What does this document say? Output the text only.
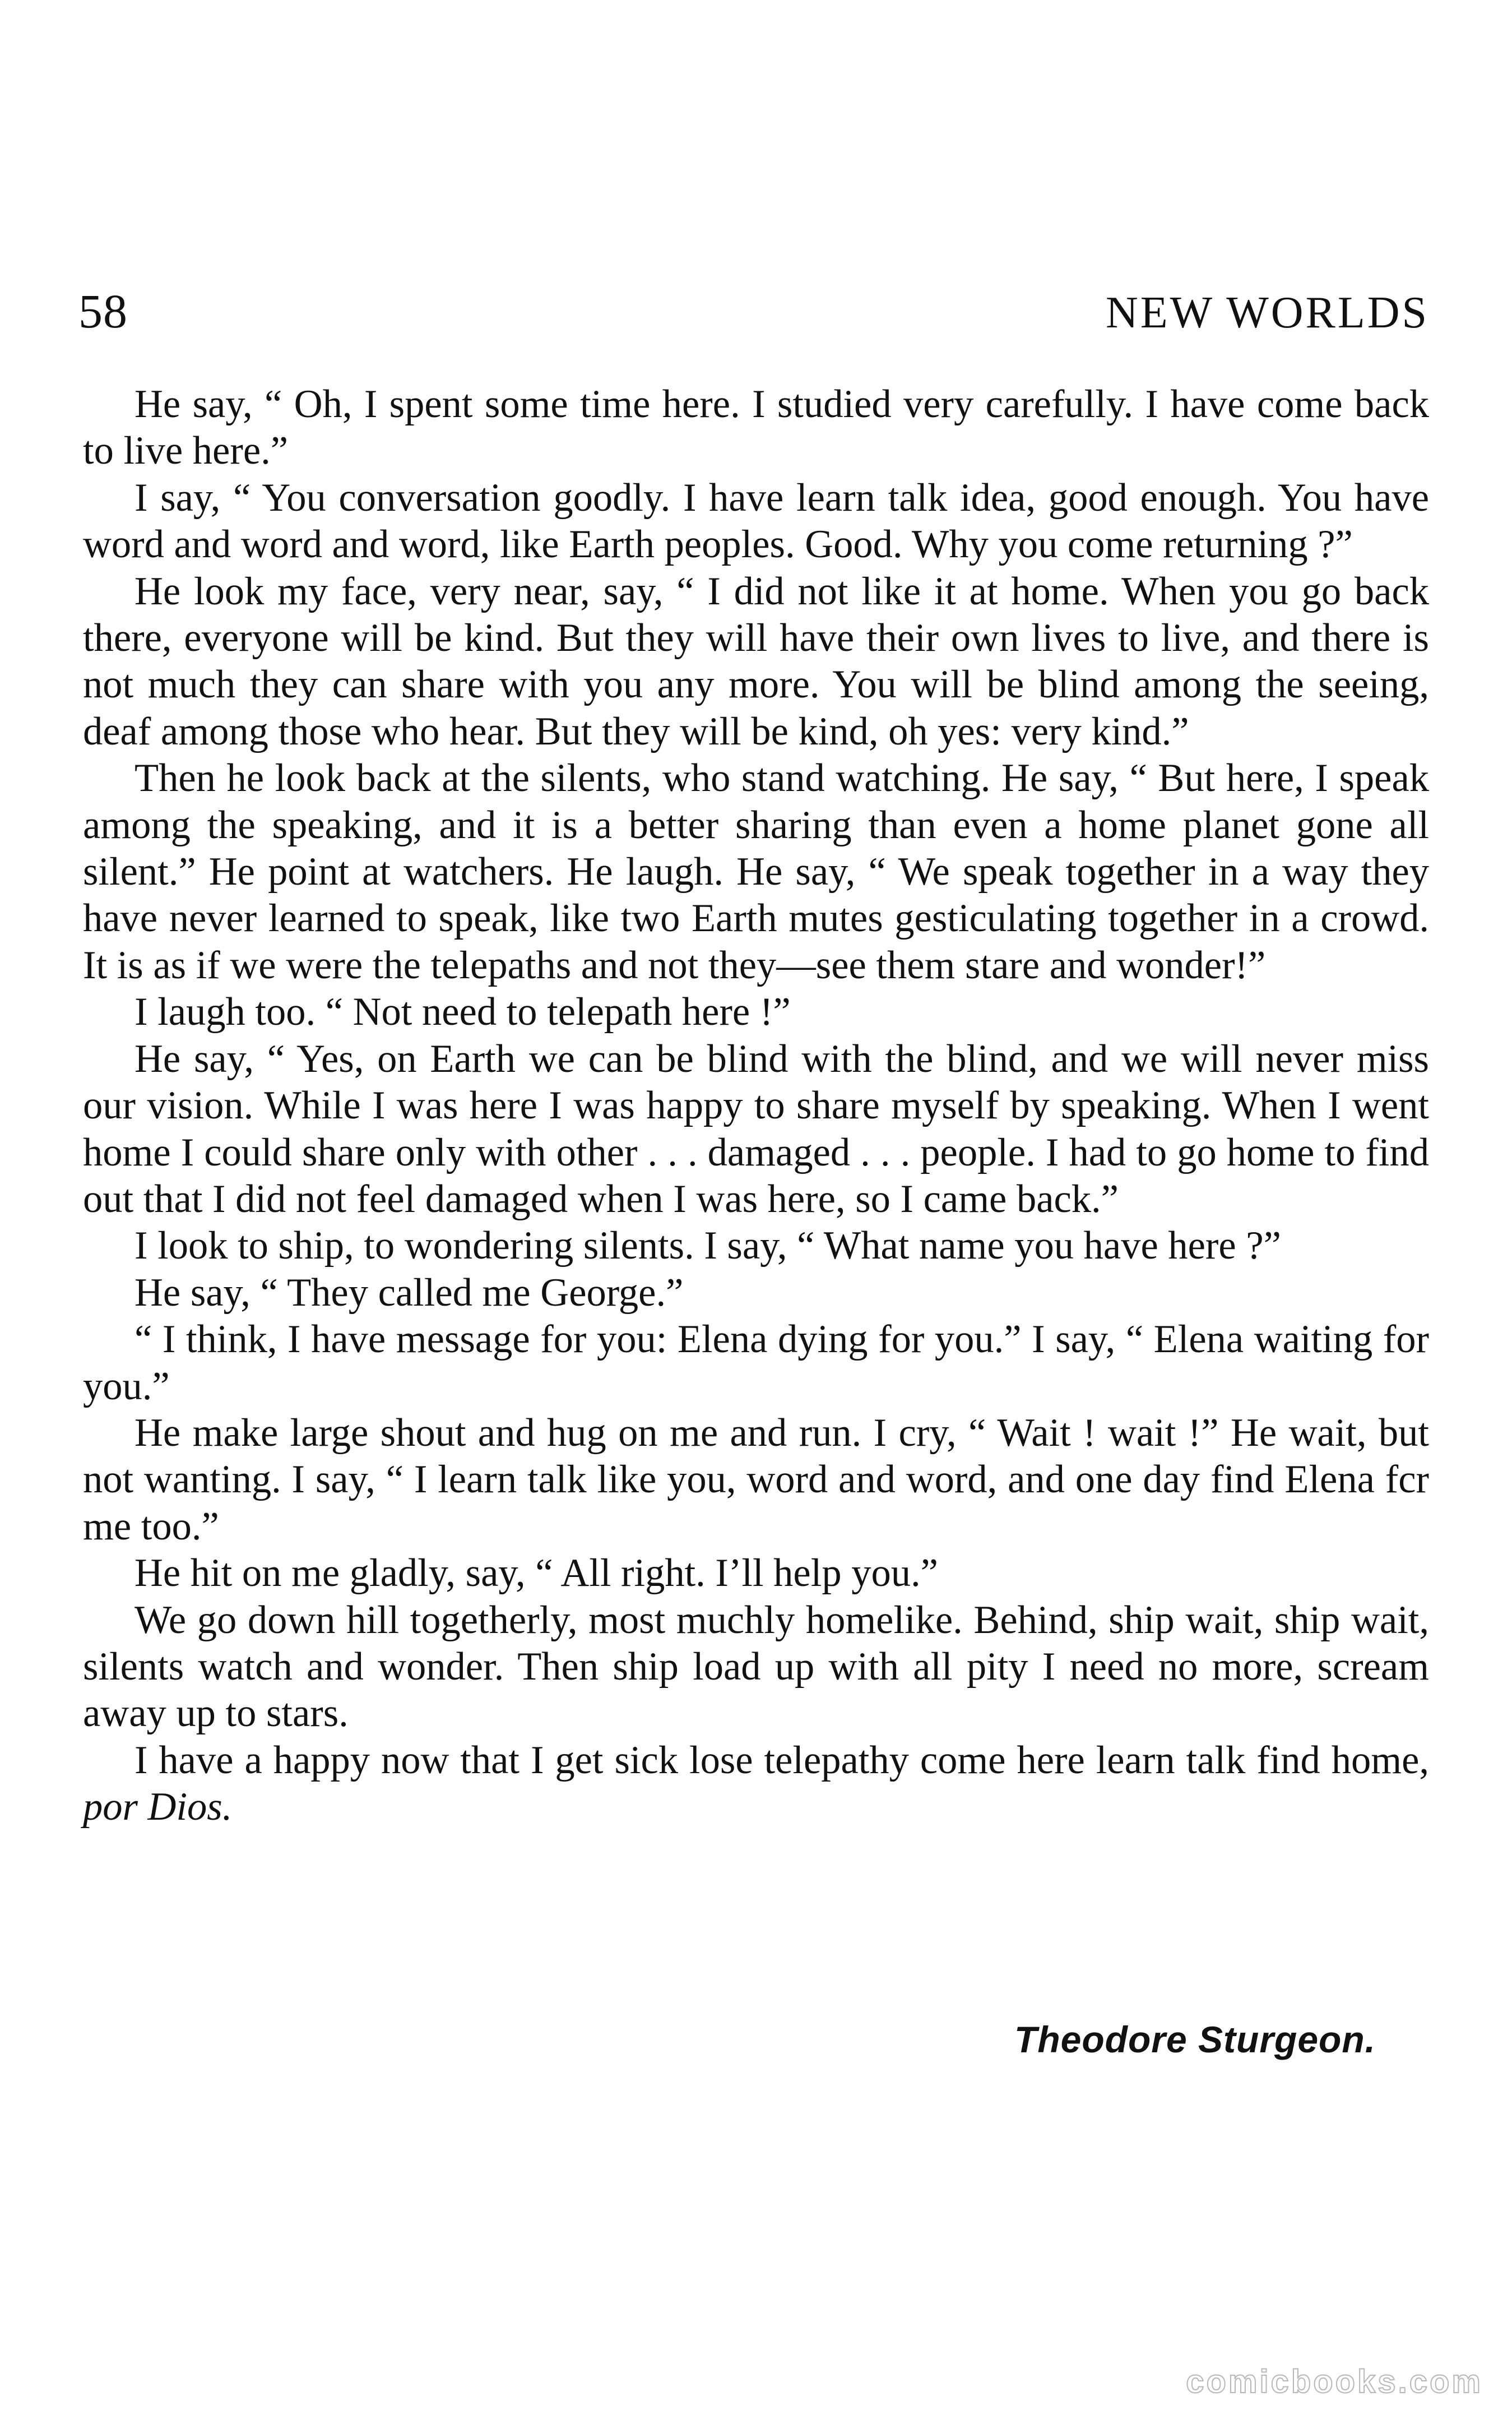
58	NEW WORLDS

He say, “ Oh, I spent some time here. I studied very carefully. I have come back to live here.”

I say, “ You conversation goodly. I have learn talk idea, good enough. You have word and word and word, like Earth peoples. Good. Why you come returning ?”

He look my face, very near, say, “ I did not like it at home. When you go back there, everyone will be kind. But they will have their own lives to live, and there is not much they can share with you any more. You will be blind among the seeing, deaf among those who hear. But they will be kind, oh yes: very kind.”

Then he look back at the silents, who stand watching. He say, “ But here, I speak among the speaking, and it is a better sharing than even a home planet gone all silent.” He point at watchers. He laugh. He say, “ We speak together in a way they have never learned to speak, like two Earth mutes gesticulating together in a crowd. It is as if we were the telepaths and not they—see them stare and wonder!”

I laugh too. “ Not need to telepath here !”

He say, “ Yes, on Earth we can be blind with the blind, and we will never miss our vision. While I was here I was happy to share myself by speaking. When I went home I could share only with other . . . damaged . . . people. I had to go home to find out that I did not feel damaged when I was here, so I came back.”

I look to ship, to wondering silents. I say, “ What name you have here ?”

He say, “ They called me George.”

“ I think, I have message for you: Elena dying for you.” I say, “ Elena waiting for you.”

He make large shout and hug on me and run. I cry, “ Wait ! wait !” He wait, but not wanting. I say, “ I learn talk like you, word and word, and one day find Elena fcr me too.”

He hit on me gladly, say, “ All right. I’ll help you.”

We go down hill togetherly, most muchly homelike. Behind, ship wait, ship wait, silents watch and wonder. Then ship load up with all pity I need no more, scream away up to stars.

I have a happy now that I get sick lose telepathy come here learn talk find home, por Dios.

Theodore Sturgeon.
comicbooks.com
